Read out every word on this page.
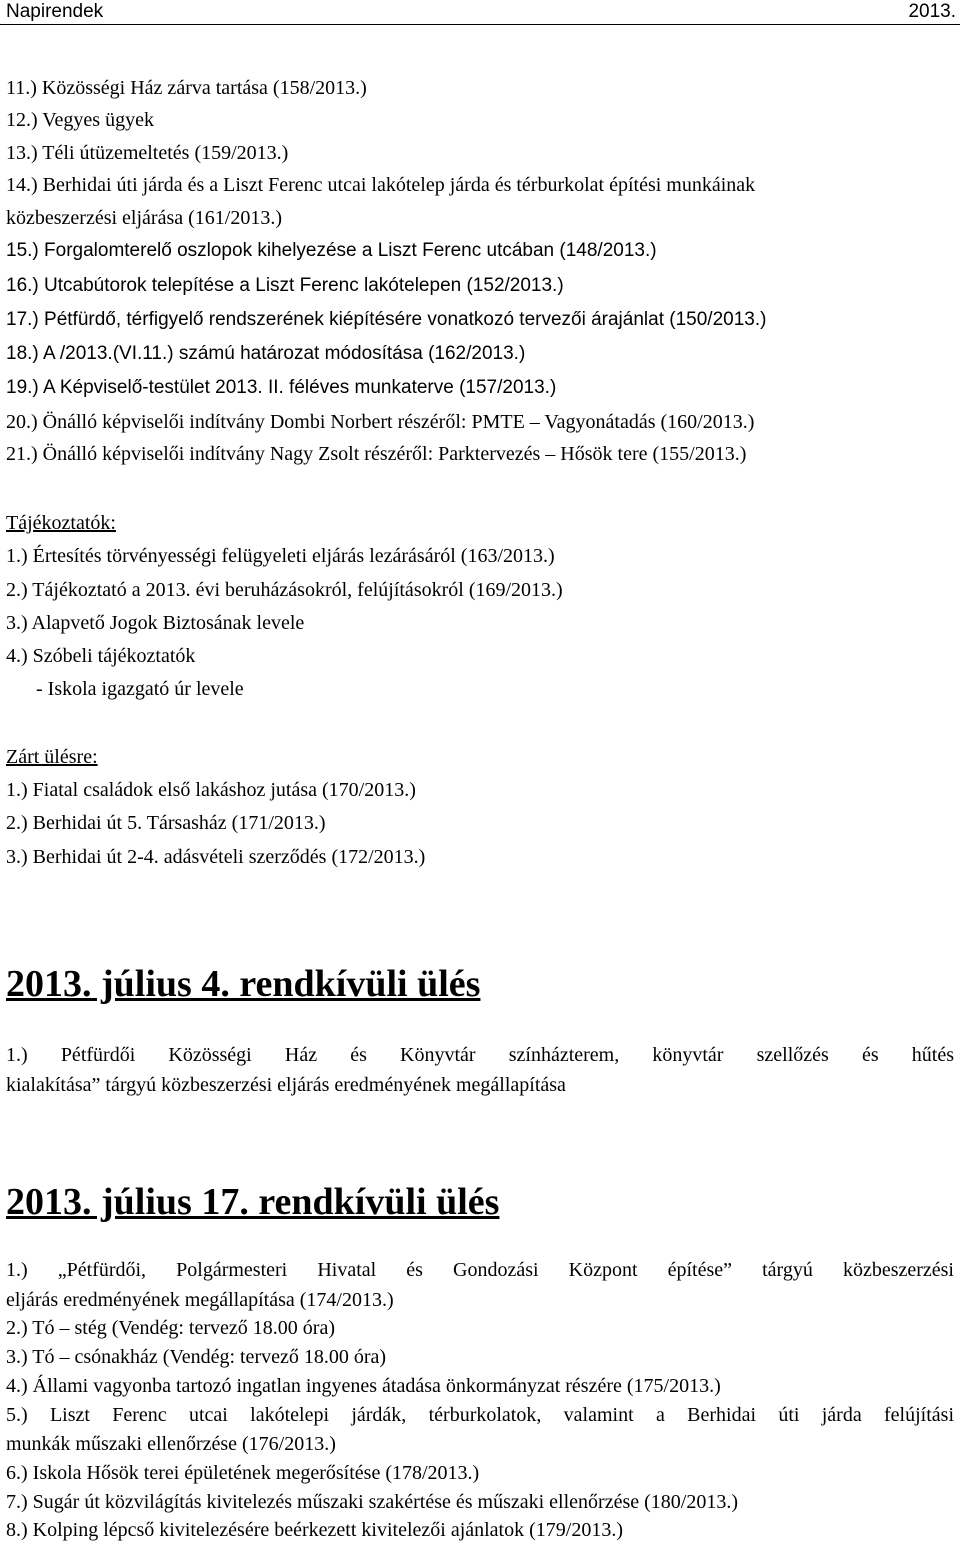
Napirendek	2013.
11.) Közösségi Ház zárva tartása (158/2013.)
12.) Vegyes ügyek
13.) Téli útüzemeltetés (159/2013.)
14.) Berhidai úti járda és a Liszt Ferenc utcai lakótelep járda és térburkolat építési munkáinak
közbeszerzési eljárása (161/2013.)
15.) Forgalomterelő oszlopok kihelyezése a Liszt Ferenc utcában (148/2013.)
16.) Utcabútorok telepítése a Liszt Ferenc lakótelepen (152/2013.)
17.) Pétfürdő, térfigyelő rendszerének kiépítésére vonatkozó tervezői árajánlat (150/2013.)
18.) A /2013.(VI.11.) számú határozat módosítása (162/2013.)
19.) A Képviselő-testület 2013. II. féléves munkaterve (157/2013.)
20.) Önálló képviselői indítvány Dombi Norbert részéről: PMTE – Vagyonátadás (160/2013.)
21.) Önálló képviselői indítvány Nagy Zsolt részéről: Parktervezés – Hősök tere (155/2013.)
Tájékoztatók:
1.) Értesítés törvényességi felügyeleti eljárás lezárásáról (163/2013.)
2.) Tájékoztató a 2013. évi beruházásokról, felújításokról (169/2013.)
3.) Alapvető Jogok Biztosának levele
4.) Szóbeli tájékoztatók
- Iskola igazgató úr levele
Zárt ülésre:
1.) Fiatal családok első lakáshoz jutása (170/2013.)
2.) Berhidai út 5. Társasház (171/2013.)
3.) Berhidai út 2-4. adásvételi szerződés (172/2013.)
2013. július 4. rendkívüli ülés
1.) Pétfürdői Közösségi Ház és Könyvtár színházterem, könyvtár szellőzés és hűtés
kialakítása” tárgyú közbeszerzési eljárás eredményének megállapítása
2013. július 17. rendkívüli ülés
1.) „Pétfürdői, Polgármesteri Hivatal és Gondozási Központ építése” tárgyú közbeszerzési
eljárás eredményének megállapítása (174/2013.)
2.) Tó – stég (Vendég: tervező 18.00 óra)
3.) Tó – csónakház (Vendég: tervező 18.00 óra)
4.) Állami vagyonba tartozó ingatlan ingyenes átadása önkormányzat részére (175/2013.)
5.) Liszt Ferenc utcai lakótelepi járdák, térburkolatok, valamint a Berhidai úti járda felújítási
munkák műszaki ellenőrzése (176/2013.)
6.) Iskola Hősök terei épületének megerősítése (178/2013.)
7.) Sugár út közvilágítás kivitelezés műszaki szakértése és műszaki ellenőrzése (180/2013.)
8.) Kolping lépcső kivitelezésére beérkezett kivitelezői ajánlatok (179/2013.)
